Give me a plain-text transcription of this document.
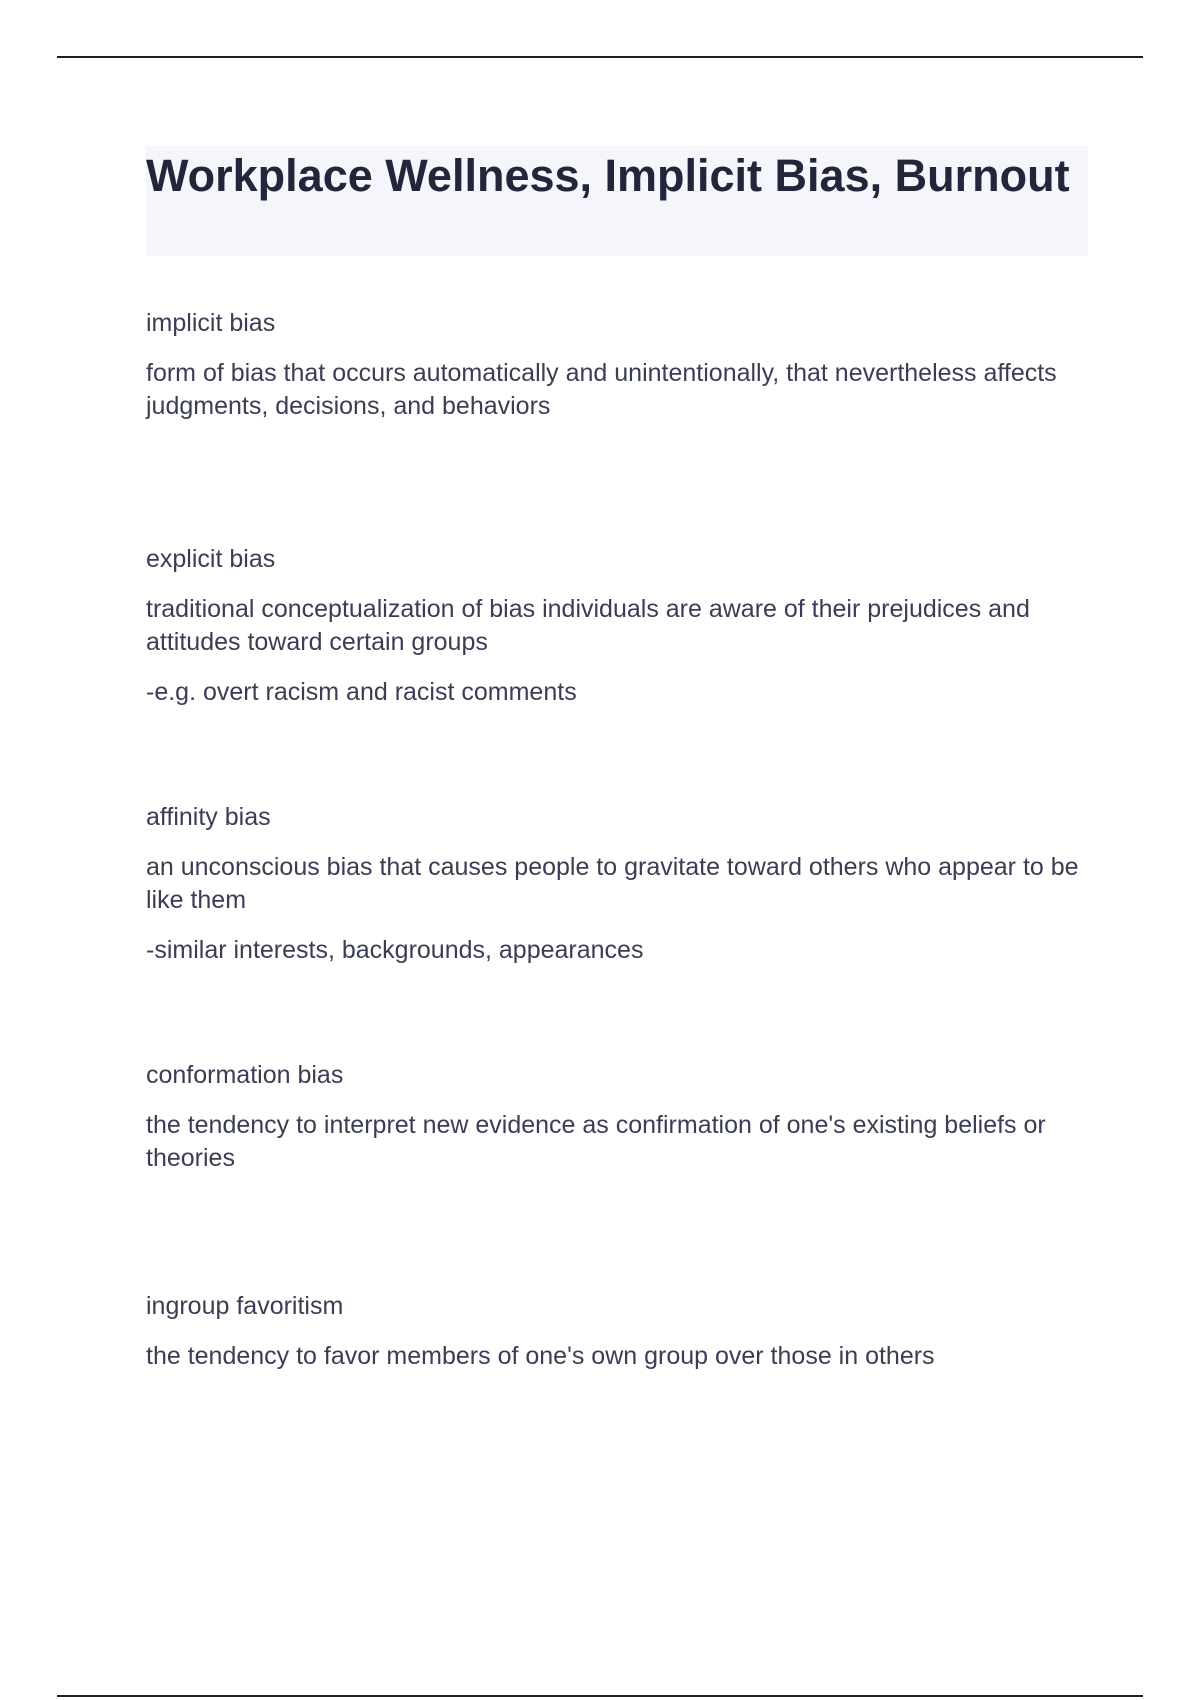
Workplace Wellness, Implicit Bias, Burnout

implicit bias

form of bias that occurs automatically and unintentionally, that nevertheless affects judgments, decisions, and behaviors

explicit bias

traditional conceptualization of bias individuals are aware of their prejudices and attitudes toward certain groups

-e.g. overt racism and racist comments

affinity bias

an unconscious bias that causes people to gravitate toward others who appear to be like them

-similar interests, backgrounds, appearances

conformation bias

the tendency to interpret new evidence as confirmation of one's existing beliefs or theories

ingroup favoritism

the tendency to favor members of one's own group over those in others
